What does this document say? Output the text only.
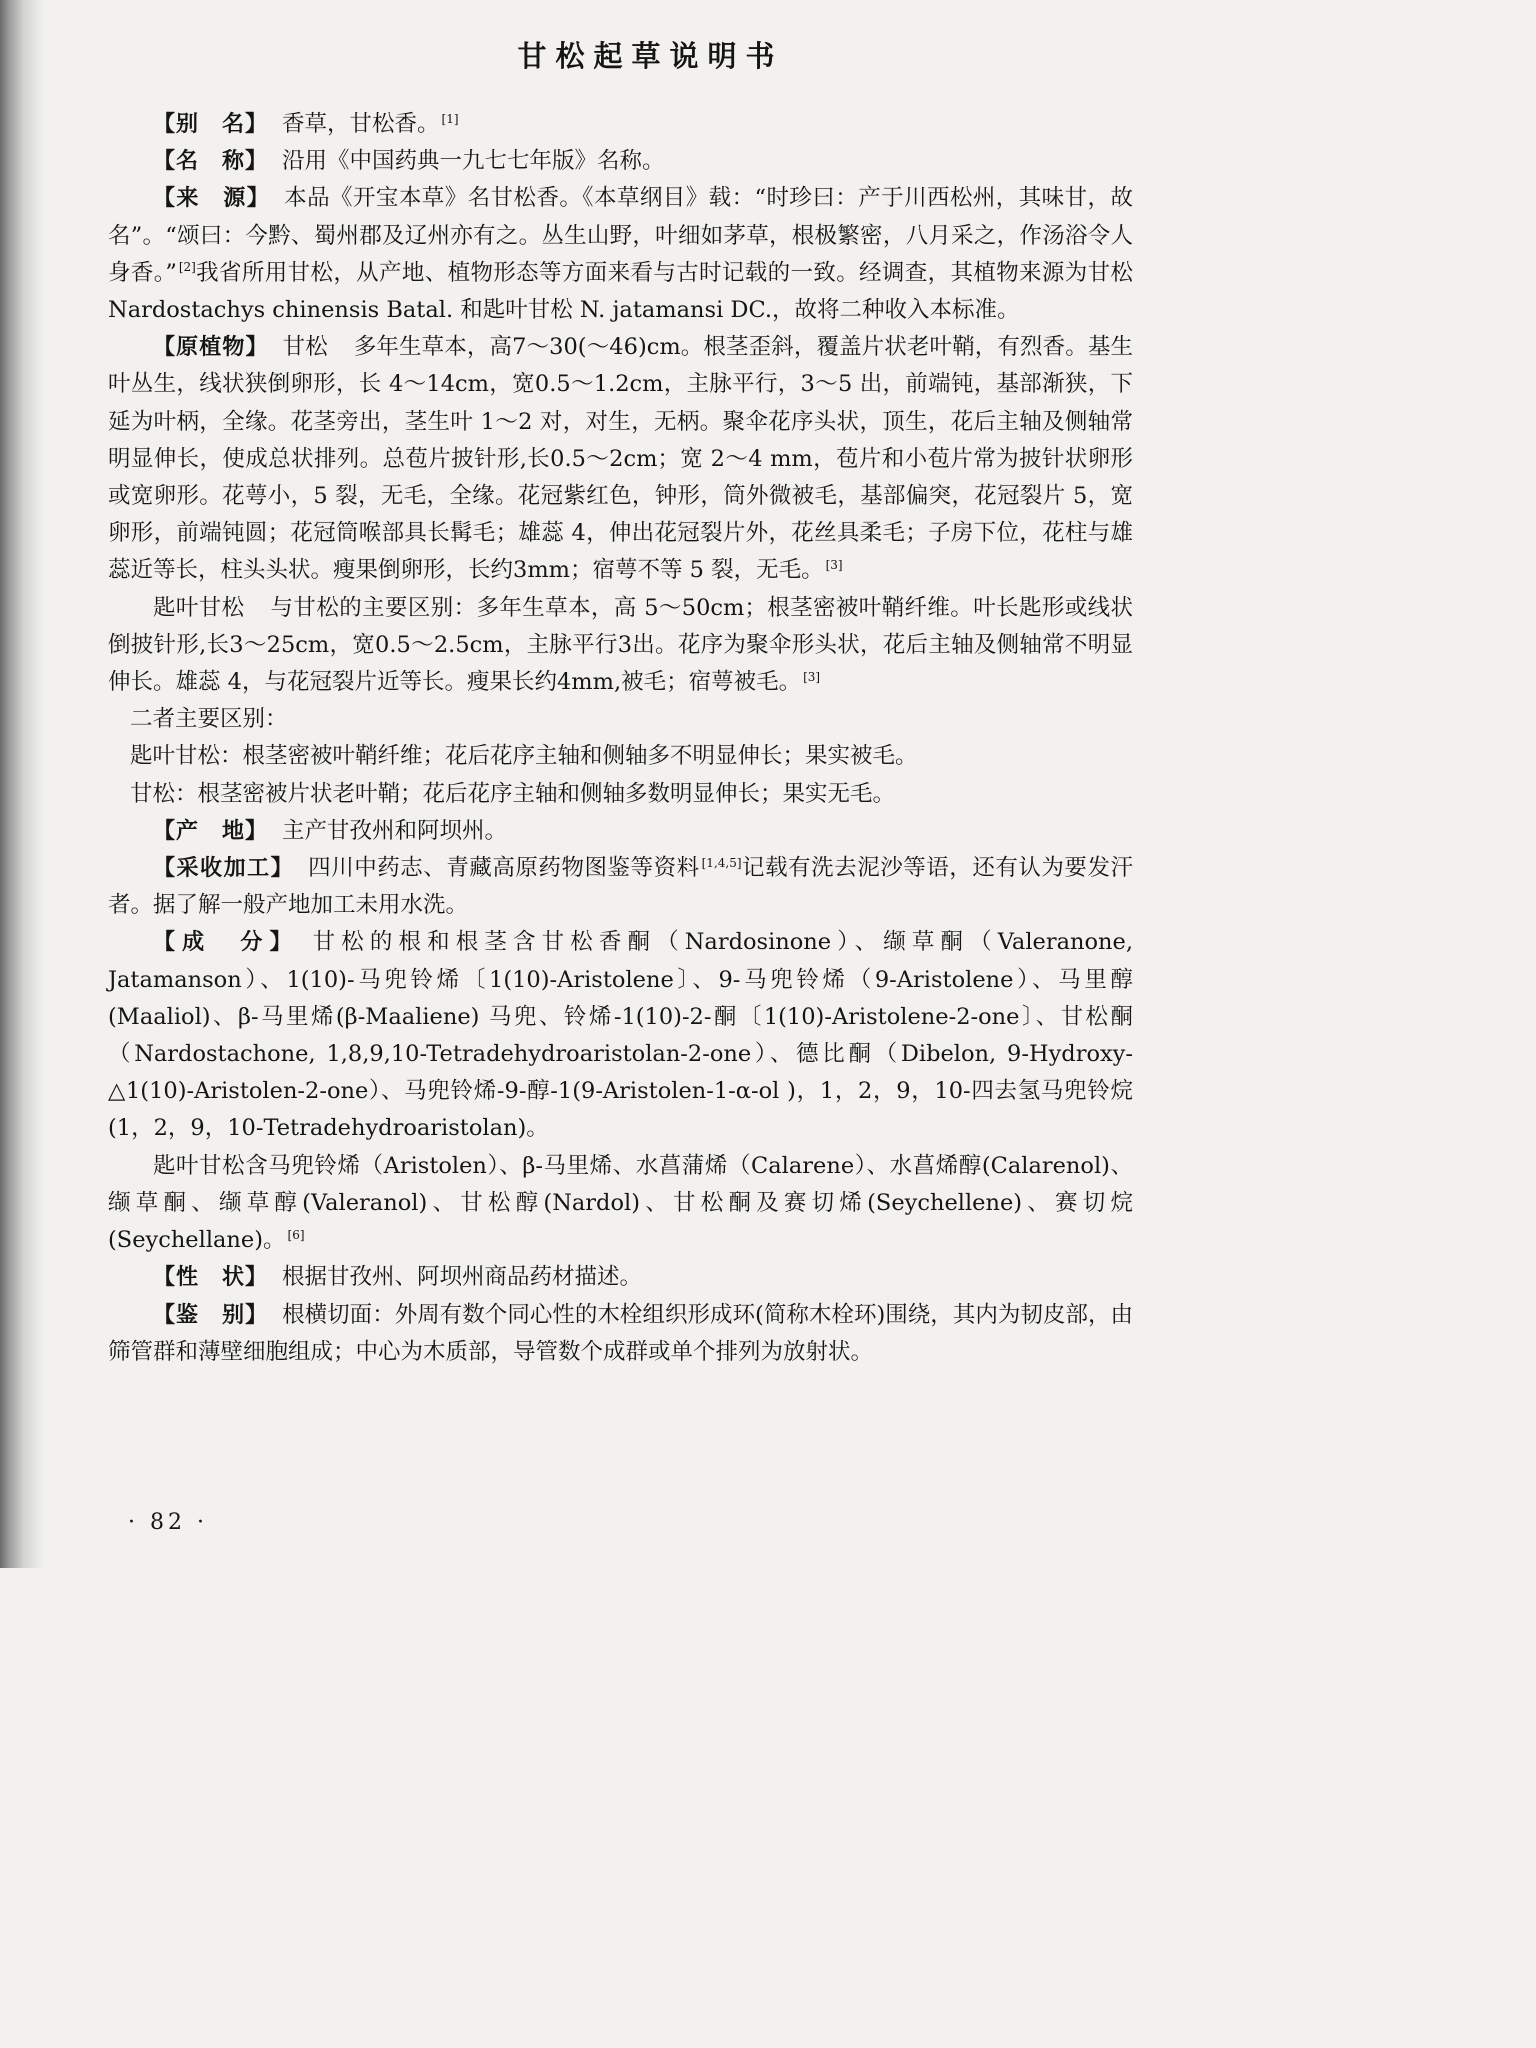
甘松起草说明书

【别　名】 香草，甘松香。 [1]

【名　称】 沿用《中国药典一九七七年版》名称。

【来　源】 本品《开宝本草》名甘松香。《本草纲目》载：“时珍曰：产于川西松州，其味甘，故名”。“颂曰：今黔、蜀州郡及辽州亦有之。丛生山野，叶细如茅草，根极繁密，八月采之，作汤浴令人身香。” [2]我省所用甘松，从产地、植物形态等方面来看与古时记载的一致。经调查，其植物来源为甘松 Nardostachys chinensis Batal. 和匙叶甘松 N. jatamansi DC.，故将二种收入本标准。

【原植物】 甘松 多年生草本，高7～30(～46)cm。根茎歪斜，覆盖片状老叶鞘，有烈香。基生叶丛生，线状狭倒卵形，长 4～14cm，宽0.5～1.2cm，主脉平行，3～5 出，前端钝，基部渐狭，下延为叶柄，全缘。花茎旁出，茎生叶 1～2 对，对生，无柄。聚伞花序头状，顶生，花后主轴及侧轴常明显伸长，使成总状排列。总苞片披针形,长0.5～2cm；宽 2～4 mm，苞片和小苞片常为披针状卵形或宽卵形。花萼小，5 裂，无毛，全缘。花冠紫红色，钟形，筒外微被毛，基部偏突，花冠裂片 5，宽卵形，前端钝圆；花冠筒喉部具长髯毛；雄蕊 4，伸出花冠裂片外，花丝具柔毛；子房下位，花柱与雄蕊近等长，柱头头状。瘦果倒卵形，长约3mm；宿萼不等 5 裂，无毛。 [3]

匙叶甘松 与甘松的主要区别：多年生草本，高 5～50cm；根茎密被叶鞘纤维。叶长匙形或线状倒披针形,长3～25cm，宽0.5～2.5cm，主脉平行3出。花序为聚伞形头状，花后主轴及侧轴常不明显伸长。雄蕊 4，与花冠裂片近等长。瘦果长约4mm,被毛；宿萼被毛。 [3]

二者主要区别：

匙叶甘松：根茎密被叶鞘纤维；花后花序主轴和侧轴多不明显伸长；果实被毛。

甘松：根茎密被片状老叶鞘；花后花序主轴和侧轴多数明显伸长；果实无毛。

【产　地】 主产甘孜州和阿坝州。

【采收加工】 四川中药志、青藏高原药物图鉴等资料 [1,4,5]记载有洗去泥沙等语，还有认为要发汗者。据了解一般产地加工未用水洗。

【成　分】 甘松的根和根茎含甘松香酮（Nardosinone）、缬草酮（Valeranone, Jatamanson）、1(10)-马兜铃烯〔1(10)-Aristolene〕、9-马兜铃烯（9-Aristolene）、马里醇(Maaliol)、β-马里烯(β-Maaliene) 马兜、铃烯-1(10)-2-酮〔1(10)-Aristolene-2-one〕、甘松酮（Nardostachone, 1,8,9,10-Tetradehydroaristolan-2-one）、德比酮（Dibelon, 9-Hydroxy-△1(10)-Aristolen-2-one）、马兜铃烯-9-醇-1(9-Aristolen-1-α-ol )，1，2，9，10-四去氢马兜铃烷(1，2，9，10-Tetradehydroaristolan)。

匙叶甘松含马兜铃烯（Aristolen）、β-马里烯、水菖蒲烯（Calarene）、水菖烯醇(Calarenol)、缬草酮、缬草醇(Valeranol)、甘松醇(Nardol)、甘松酮及赛切烯(Seychellene)、赛切烷(Seychellane)。 [6]

【性　状】 根据甘孜州、阿坝州商品药材描述。

【鉴　别】 根横切面：外周有数个同心性的木栓组织形成环(简称木栓环)围绕，其内为韧皮部，由筛管群和薄壁细胞组成；中心为木质部，导管数个成群或单个排列为放射状。

· 82 ·
